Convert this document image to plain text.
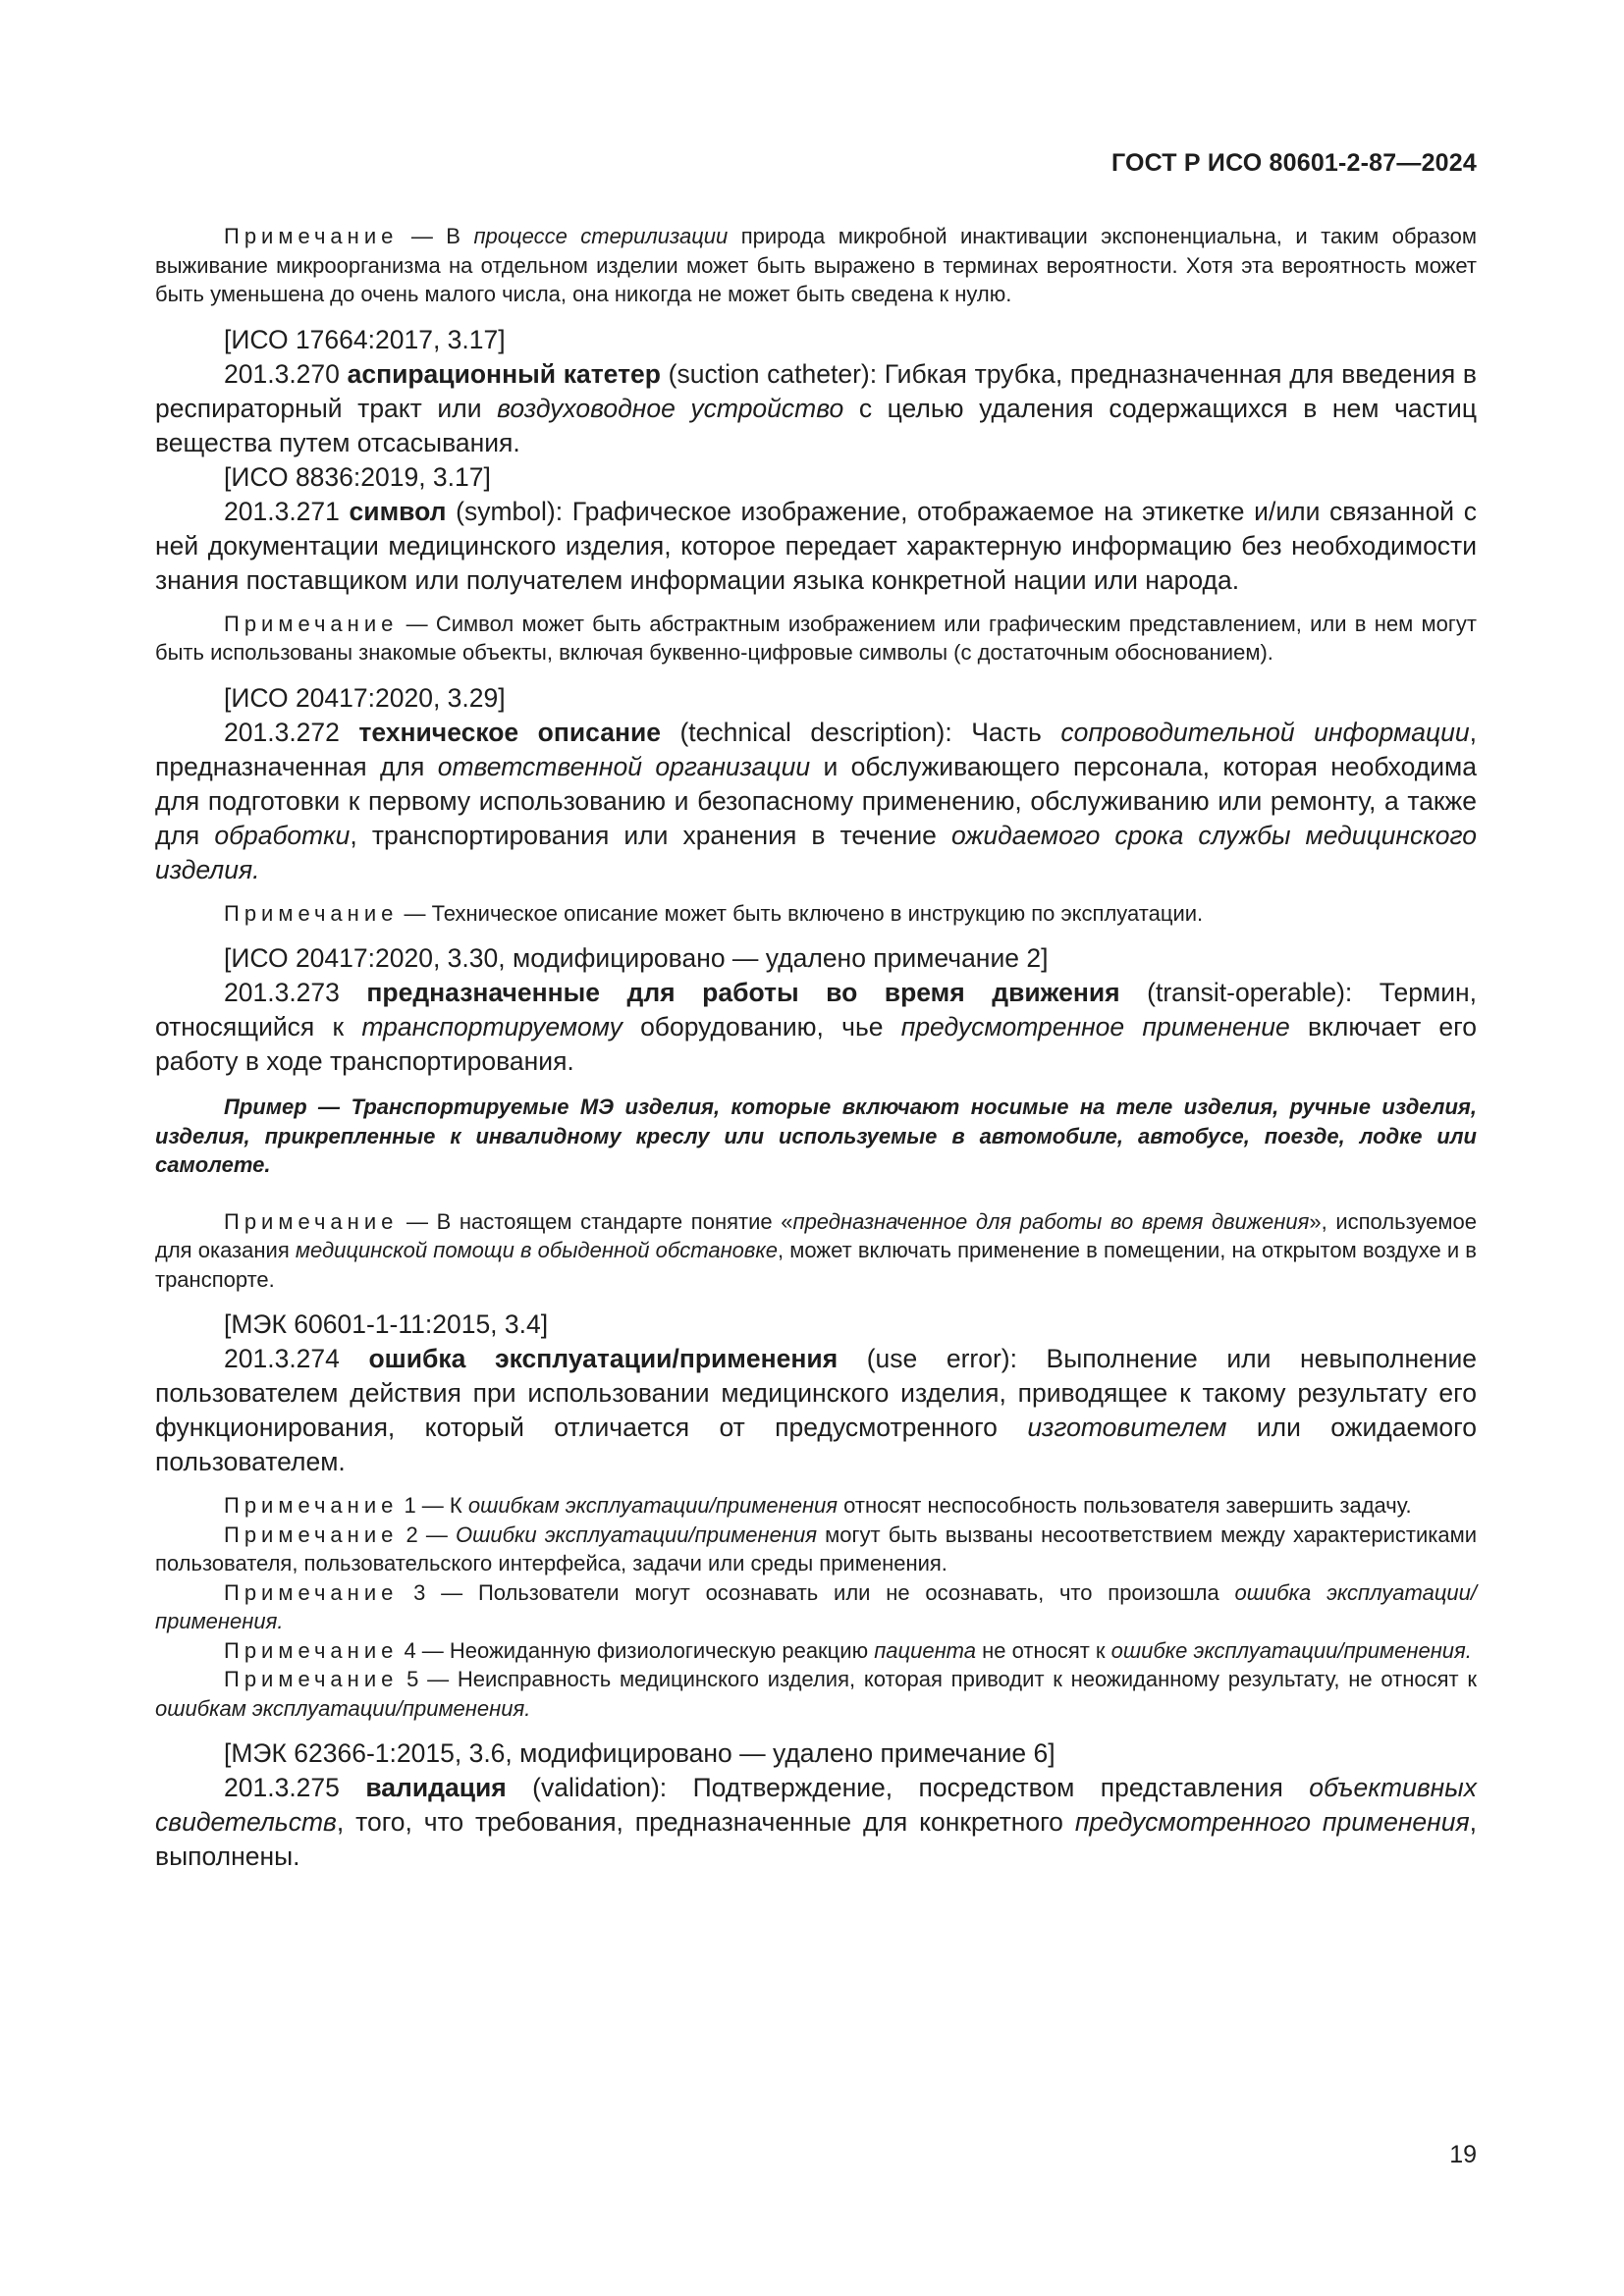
ГОСТ Р ИСО 80601-2-87—2024

Примечание — В процессе стерилизации природа микробной инактивации экспоненциальна, и таким образом выживание микроорганизма на отдельном изделии может быть выражено в терминах вероятности. Хотя эта вероятность может быть уменьшена до очень малого числа, она никогда не может быть сведена к нулю.

[ИСО 17664:2017, 3.17]

201.3.270 аспирационный катетер (suction catheter): Гибкая трубка, предназначенная для введения в респираторный тракт или воздуховодное устройство с целью удаления содержащихся в нем частиц вещества путем отсасывания.

[ИСО 8836:2019, 3.17]

201.3.271 символ (symbol): Графическое изображение, отображаемое на этикетке и/или связанной с ней документации медицинского изделия, которое передает характерную информацию без необходимости знания поставщиком или получателем информации языка конкретной нации или народа.

Примечание — Символ может быть абстрактным изображением или графическим представлением, или в нем могут быть использованы знакомые объекты, включая буквенно-цифровые символы (с достаточным обоснованием).

[ИСО 20417:2020, 3.29]

201.3.272 техническое описание (technical description): Часть сопроводительной информации, предназначенная для ответственной организации и обслуживающего персонала, которая необходима для подготовки к первому использованию и безопасному применению, обслуживанию или ремонту, а также для обработки, транспортирования или хранения в течение ожидаемого срока службы медицинского изделия.

Примечание — Техническое описание может быть включено в инструкцию по эксплуатации.

[ИСО 20417:2020, 3.30, модифицировано — удалено примечание 2]

201.3.273 предназначенные для работы во время движения (transit-operable): Термин, относящийся к транспортируемому оборудованию, чье предусмотренное применение включает его работу в ходе транспортирования.

Пример — Транспортируемые МЭ изделия, которые включают носимые на теле изделия, ручные изделия, изделия, прикрепленные к инвалидному креслу или используемые в автомобиле, автобусе, поезде, лодке или самолете.

Примечание — В настоящем стандарте понятие «предназначенное для работы во время движения», используемое для оказания медицинской помощи в обыденной обстановке, может включать применение в помещении, на открытом воздухе и в транспорте.

[МЭК 60601-1-11:2015, 3.4]

201.3.274 ошибка эксплуатации/применения (use error): Выполнение или невыполнение пользователем действия при использовании медицинского изделия, приводящее к такому результату его функционирования, который отличается от предусмотренного изготовителем или ожидаемого пользователем.

Примечание 1 — К ошибкам эксплуатации/применения относят неспособность пользователя завершить задачу.

Примечание 2 — Ошибки эксплуатации/применения могут быть вызваны несоответствием между характеристиками пользователя, пользовательского интерфейса, задачи или среды применения.

Примечание 3 — Пользователи могут осознавать или не осознавать, что произошла ошибка эксплуатации/применения.

Примечание 4 — Неожиданную физиологическую реакцию пациента не относят к ошибке эксплуатации/применения.

Примечание 5 — Неисправность медицинского изделия, которая приводит к неожиданному результату, не относят к ошибкам эксплуатации/применения.

[МЭК 62366-1:2015, 3.6, модифицировано — удалено примечание 6]

201.3.275 валидация (validation): Подтверждение, посредством представления объективных свидетельств, того, что требования, предназначенные для конкретного предусмотренного применения, выполнены.

19
